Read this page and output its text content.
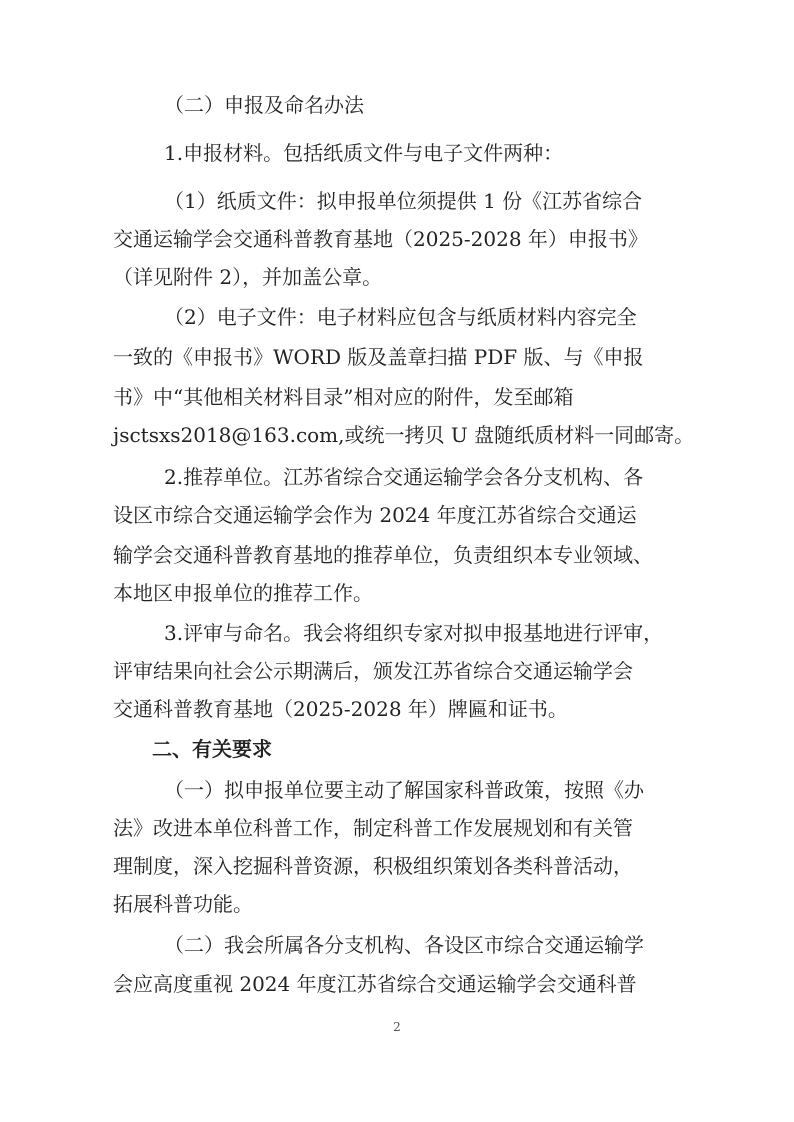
（二）申报及命名办法
1.申报材料。包括纸质文件与电子文件两种：
（1）纸质文件：拟申报单位须提供 1 份《江苏省综合
交通运输学会交通科普教育基地（2025-2028 年）申报书》
（详见附件 2），并加盖公章。
（2）电子文件：电子材料应包含与纸质材料内容完全
一致的《申报书》WORD 版及盖章扫描 PDF 版、与《申报
书》中“其他相关材料目录”相对应的附件，发至邮箱
jsctsxs2018@163.com,或统一拷贝 U 盘随纸质材料一同邮寄。
2.推荐单位。江苏省综合交通运输学会各分支机构、各
设区市综合交通运输学会作为 2024 年度江苏省综合交通运
输学会交通科普教育基地的推荐单位，负责组织本专业领域、
本地区申报单位的推荐工作。
3.评审与命名。我会将组织专家对拟申报基地进行评审，
评审结果向社会公示期满后，颁发江苏省综合交通运输学会
交通科普教育基地（2025-2028 年）牌匾和证书。
二、有关要求
（一）拟申报单位要主动了解国家科普政策，按照《办
法》改进本单位科普工作，制定科普工作发展规划和有关管
理制度，深入挖掘科普资源，积极组织策划各类科普活动，
拓展科普功能。
（二）我会所属各分支机构、各设区市综合交通运输学
会应高度重视 2024 年度江苏省综合交通运输学会交通科普
2
